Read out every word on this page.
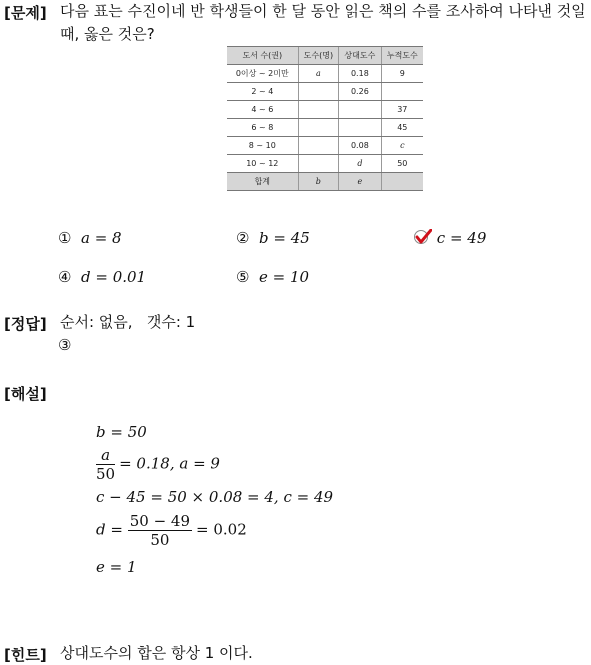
[문제] 다음 표는 수진이네 반 학생들이 한 달 동안 읽은 책의 수를 조사하여 나타낸 것일
때, 옳은 것은?
도서 수(권)	도수(명)	상대도수	누적도수
0이상 ~ 2미만	a	0.18	9
2 ~ 4		0.26	
4 ~ 6			37
6 ~ 8			45
8 ~ 10		0.08	c
10 ~ 12		d	50
합계	b	e	
① a = 8	② b = 45	c = 49
④ d = 0.01	⑤ e = 10
[정답] 순서: 없음,   갯수: 1
③
[해설]
b = 50
$\frac{a}{50} = 0.18$, a = 9
c − 45 = 50 × 0.08 = 4, c = 49
$d = \frac{50 - 49}{50} = 0.02$
e = 1
[힌트] 상대도수의 합은 항상 1 이다.
